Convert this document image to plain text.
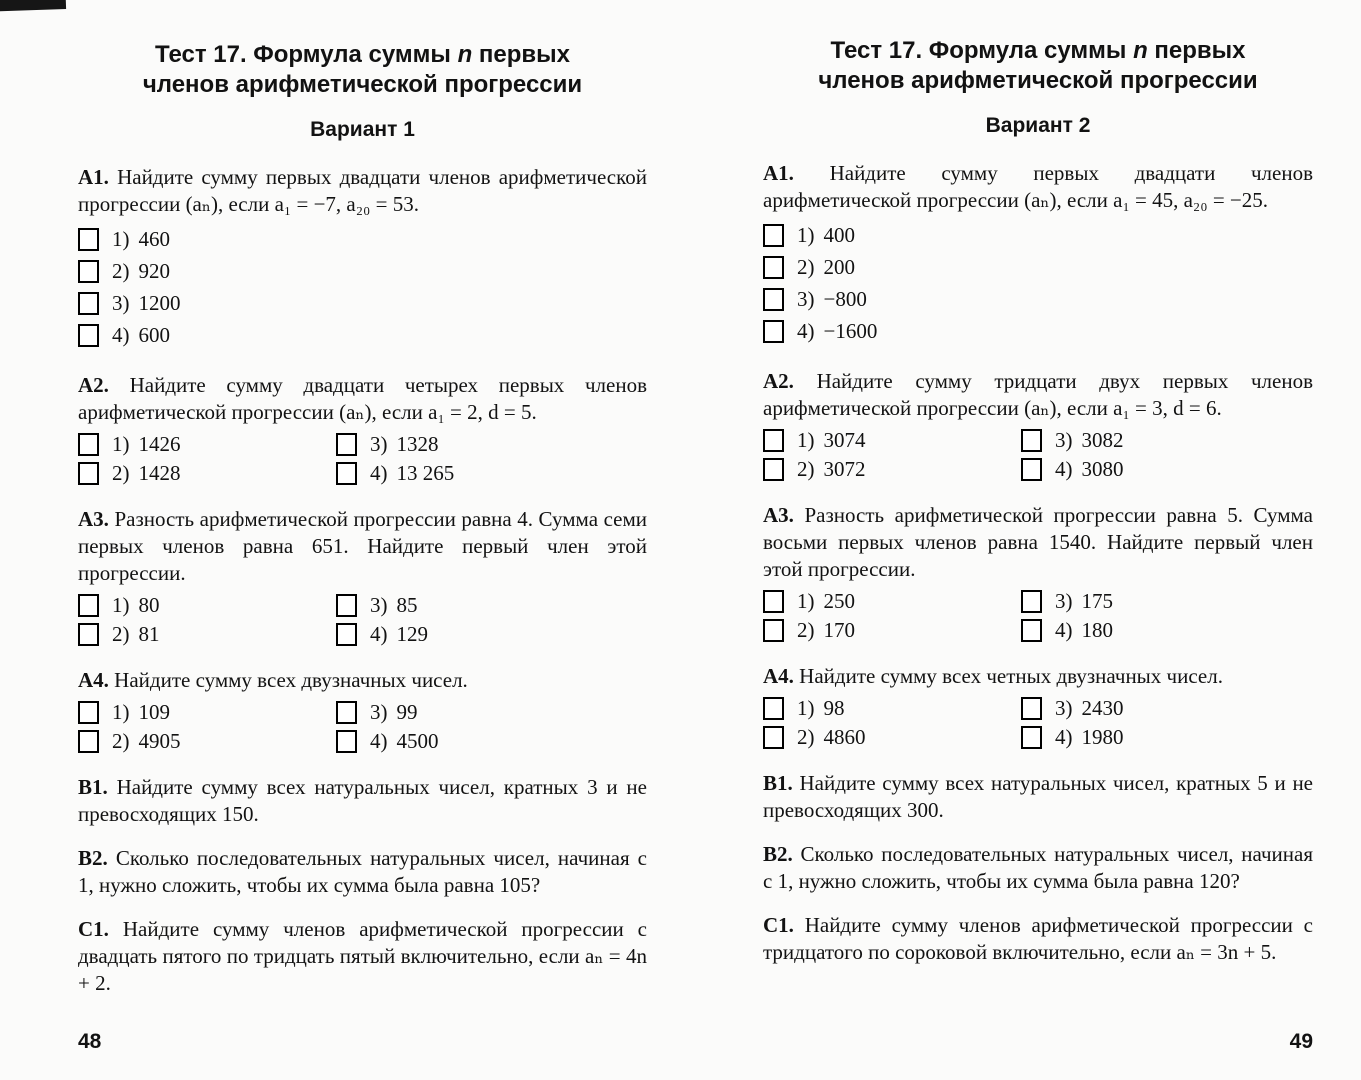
Тест 17. Формула суммы n первых
членов арифметической прогрессии
Вариант 1

А1. Найдите сумму первых двадцати членов арифметической прогрессии (aₙ), если a₁ = −7, a₂₀ = 53.

1) 460
2) 920
3) 1200
4) 600

А2. Найдите сумму двадцати четырех первых членов арифметической прогрессии (aₙ), если a₁ = 2, d = 5.

1) 1426
2) 1428
3) 1328
4) 13 265

А3. Разность арифметической прогрессии равна 4. Сумма семи первых членов равна 651. Найдите первый член этой прогрессии.

1) 80
2) 81
3) 85
4) 129

А4. Найдите сумму всех двузначных чисел.

1) 109
2) 4905
3) 99
4) 4500

В1. Найдите сумму всех натуральных чисел, кратных 3 и не превосходящих 150.

В2. Сколько последовательных натуральных чисел, начиная с 1, нужно сложить, чтобы их сумма была равна 105?

С1. Найдите сумму членов арифметической прогрессии с двадцать пятого по тридцать пятый включительно, если aₙ = 4n + 2.

48
Тест 17. Формула суммы n первых
членов арифметической прогрессии
Вариант 2

А1. Найдите сумму первых двадцати членов арифметической прогрессии (aₙ), если a₁ = 45, a₂₀ = −25.

1) 400
2) 200
3) −800
4) −1600

А2. Найдите сумму тридцати двух первых членов арифметической прогрессии (aₙ), если a₁ = 3, d = 6.

1) 3074
2) 3072
3) 3082
4) 3080

А3. Разность арифметической прогрессии равна 5. Сумма восьми первых членов равна 1540. Найдите первый член этой прогрессии.

1) 250
2) 170
3) 175
4) 180

А4. Найдите сумму всех четных двузначных чисел.

1) 98
2) 4860
3) 2430
4) 1980

В1. Найдите сумму всех натуральных чисел, кратных 5 и не превосходящих 300.

В2. Сколько последовательных натуральных чисел, начиная с 1, нужно сложить, чтобы их сумма была равна 120?

С1. Найдите сумму членов арифметической прогрессии с тридцатого по сороковой включительно, если aₙ = 3n + 5.

49
